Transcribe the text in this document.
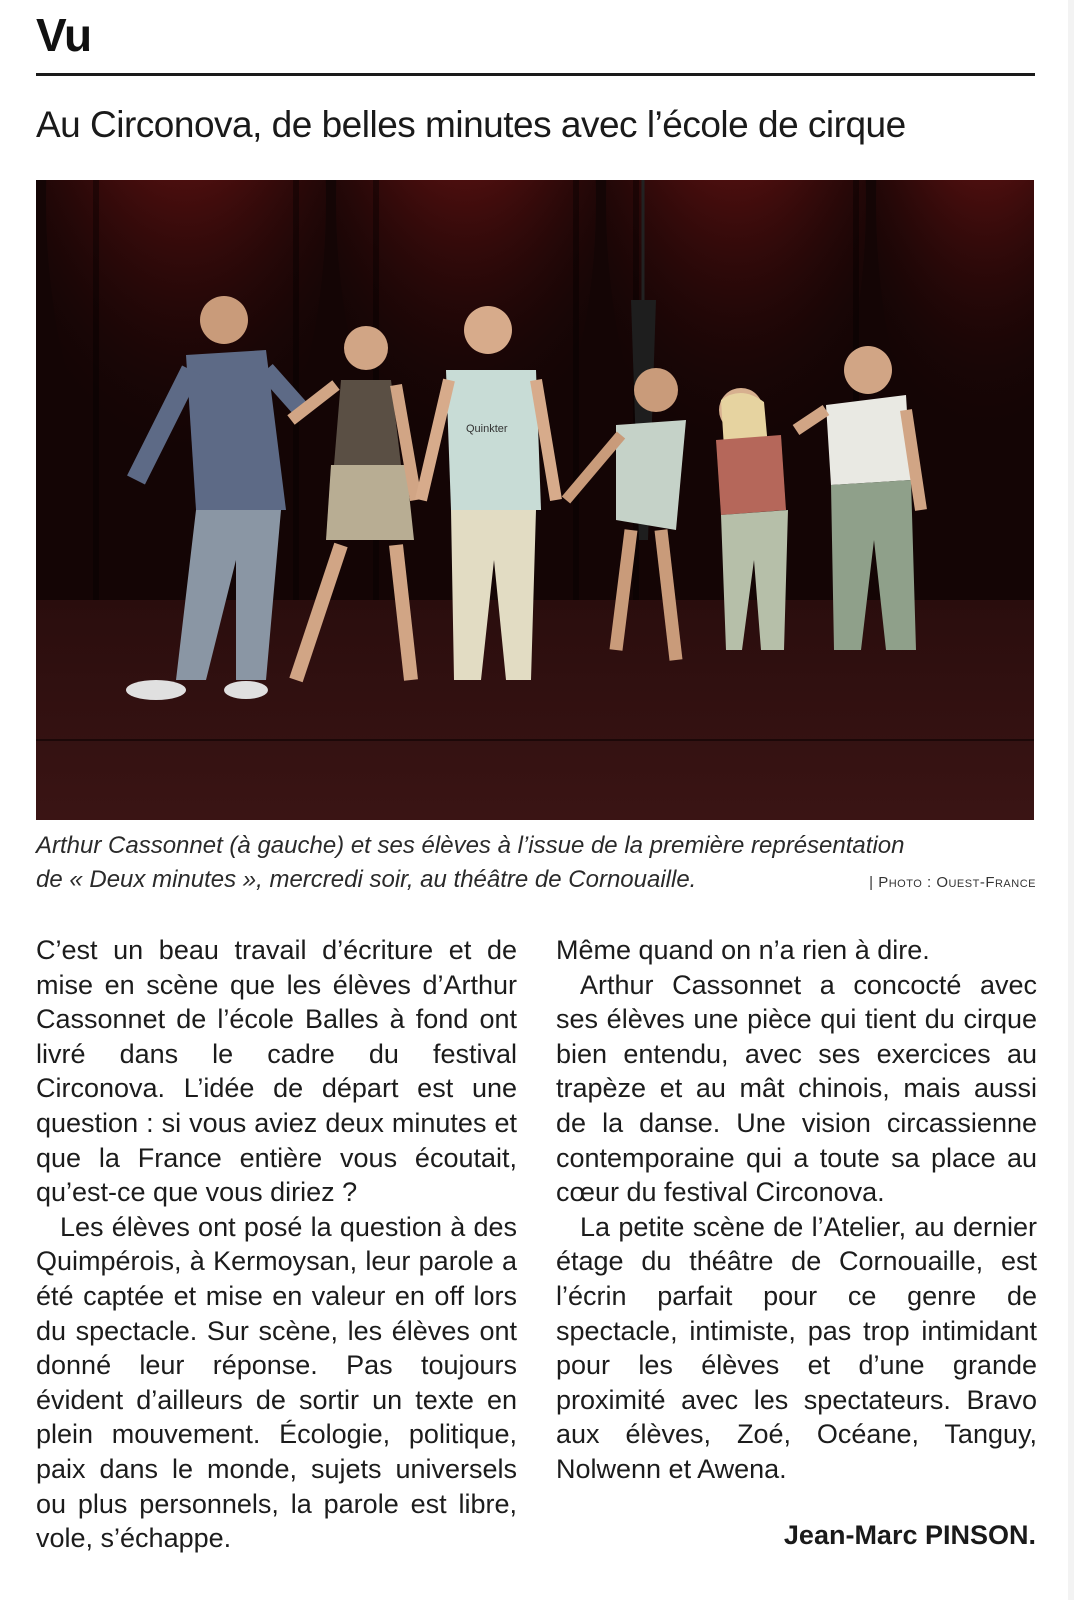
Vu
Au Circonova, de belles minutes avec l’école de cirque
Quinkter
Arthur Cassonnet (à gauche) et ses élèves à l’issue de la première représentation
de « Deux minutes », mercredi soir, au théâtre de Cornouaille.	| Photo : Ouest-France

C’est un beau travail d’écriture et de mise en scène que les élèves d’Arthur Cassonnet de l’école Balles à fond ont livré dans le cadre du festival Circonova. L’idée de départ est une question : si vous aviez deux minutes et que la France entière vous écoutait, qu’est-ce que vous diriez ?

Les élèves ont posé la question à des Quimpérois, à Kermoysan, leur parole a été captée et mise en valeur en off lors du spectacle. Sur scène, les élèves ont donné leur réponse. Pas toujours évident d’ailleurs de sortir un texte en plein mouvement. Écologie, politique, paix dans le monde, sujets universels ou plus personnels, la parole est libre, vole, s’échappe.

Même quand on n’a rien à dire.

Arthur Cassonnet a concocté avec ses élèves une pièce qui tient du cirque bien entendu, avec ses exercices au trapèze et au mât chinois, mais aussi de la danse. Une vision circassienne contemporaine qui a toute sa place au cœur du festival Circonova.

La petite scène de l’Atelier, au dernier étage du théâtre de Cornouaille, est l’écrin parfait pour ce genre de spectacle, intimiste, pas trop intimidant pour les élèves et d’une grande proximité avec les spectateurs. Bravo aux élèves, Zoé, Océane, Tanguy, Nolwenn et Awena.

Jean-Marc PINSON.
